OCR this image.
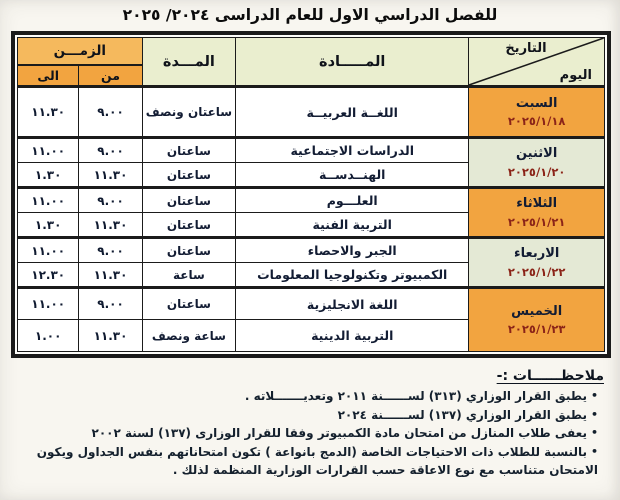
للفصل الدراسي الاول للعام الدراسى ٢٠٢٤/ ٢٠٢٥
التاريخ
اليوم	المـــــادة	المـــدة	الزمـــن	
			من	الى

السبت
٢٠٢٥/١/١٨	اللغــة العربيــة	ساعتان ونصف	٩.٠٠	١١.٣٠

الاثنين
٢٠٢٥/١/٢٠	الدراسات الاجتماعية	ساعتان	٩.٠٠	١١.٠٠
	الهنــدســة	ساعتان	١١.٣٠	١.٣٠

الثلاثاء
٢٠٢٥/١/٢١	العلـــوم	ساعتان	٩.٠٠	١١.٠٠
	التربية الفنية	ساعتان	١١.٣٠	١.٣٠

الاربعاء
٢٠٢٥/١/٢٢	الجبر والاحصاء	ساعتان	٩.٠٠	١١.٠٠
	الكمبيوتر وتكنولوجيا المعلومات	ساعة	١١.٣٠	١٢.٣٠

الخميس
٢٠٢٥/١/٢٣	اللغة الانجليزية	ساعتان	٩.٠٠	١١.٠٠
	التربية الدينية	ساعة ونصف	١١.٣٠	١.٠٠
ملاحظــــــات :-
•يطبق القرار الوزاري (٣١٣) لســــــنة ٢٠١١ وتعديـــــــلاته .
•يطبق القرار الوزاري (١٣٧) لســــــنة ٢٠٢٤
•يعفى طلاب المنازل من امتحان مادة الكمبيوتر وفقا للقرار الوزارى (١٣٧) لسنة ٢٠٠٢
•بالنسبة للطلاب ذات الاحتياجات الخاصة (الدمج بانواعة ) تكون امتحاناتهم بنفس الجداول ويكون الامتحان متناسب مع نوع الاعاقة حسب القرارات الوزارية المنظمة لذلك .
